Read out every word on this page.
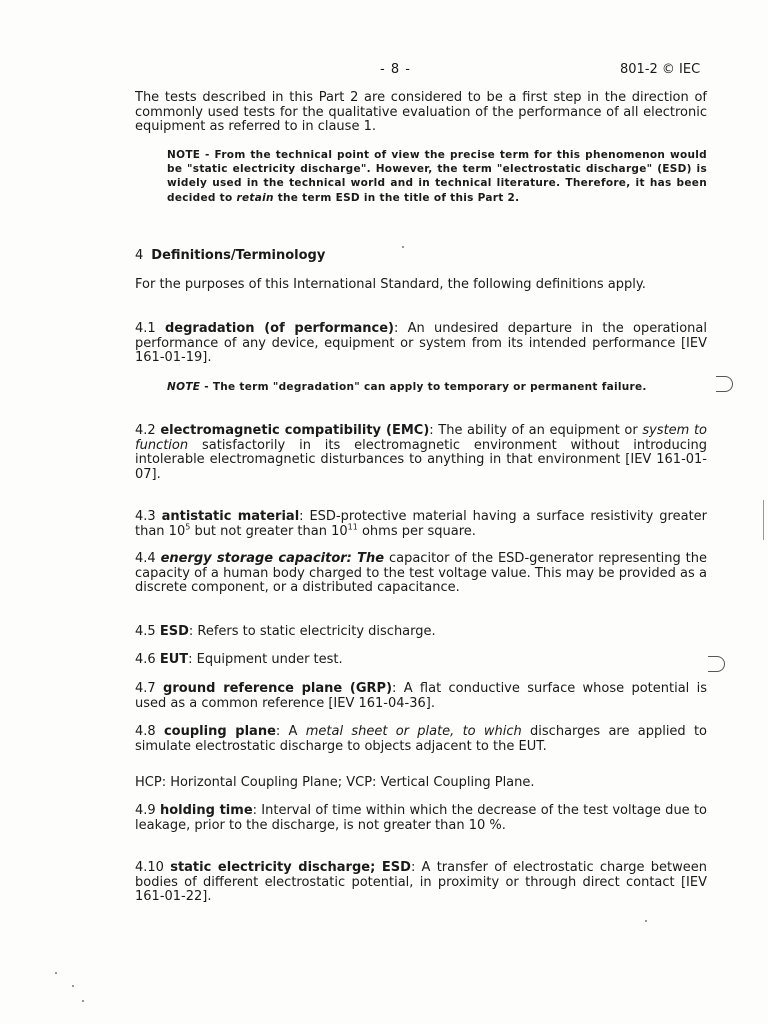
- 8 -	801-2 © IEC

The tests described in this Part 2 are considered to be a first step in the direction of commonly used tests for the qualitative evaluation of the performance of all electronic equipment as referred to in clause 1.

NOTE - From the technical point of view the precise term for this phenomenon would be "static electricity discharge". However, the term "electrostatic discharge" (ESD) is widely used in the technical world and in technical literature. Therefore, it has been decided to retain the term ESD in the title of this Part 2.

4 Definitions/Terminology

For the purposes of this International Standard, the following definitions apply.

4.1 degradation (of performance): An undesired departure in the operational performance of any device, equipment or system from its intended performance [IEV 161-01-19].

NOTE - The term "degradation" can apply to temporary or permanent failure.

4.2 electromagnetic compatibility (EMC): The ability of an equipment or system to function satisfactorily in its electromagnetic environment without introducing intolerable electromagnetic disturbances to anything in that environment [IEV 161-01-07].

4.3 antistatic material: ESD-protective material having a surface resistivity greater than $10^5$ but not greater than $10^{11}$ ohms per square.

4.4 energy storage capacitor: The capacitor of the ESD-generator representing the capacity of a human body charged to the test voltage value. This may be provided as a discrete component, or a distributed capacitance.

4.5 ESD: Refers to static electricity discharge.

4.6 EUT: Equipment under test.

4.7 ground reference plane (GRP): A flat conductive surface whose potential is used as a common reference [IEV 161-04-36].

4.8 coupling plane: A metal sheet or plate, to which discharges are applied to simulate electrostatic discharge to objects adjacent to the EUT.

HCP: Horizontal Coupling Plane; VCP: Vertical Coupling Plane.

4.9 holding time: Interval of time within which the decrease of the test voltage due to leakage, prior to the discharge, is not greater than 10 %.

4.10 static electricity discharge; ESD: A transfer of electrostatic charge between bodies of different electrostatic potential, in proximity or through direct contact [IEV 161-01-22].
